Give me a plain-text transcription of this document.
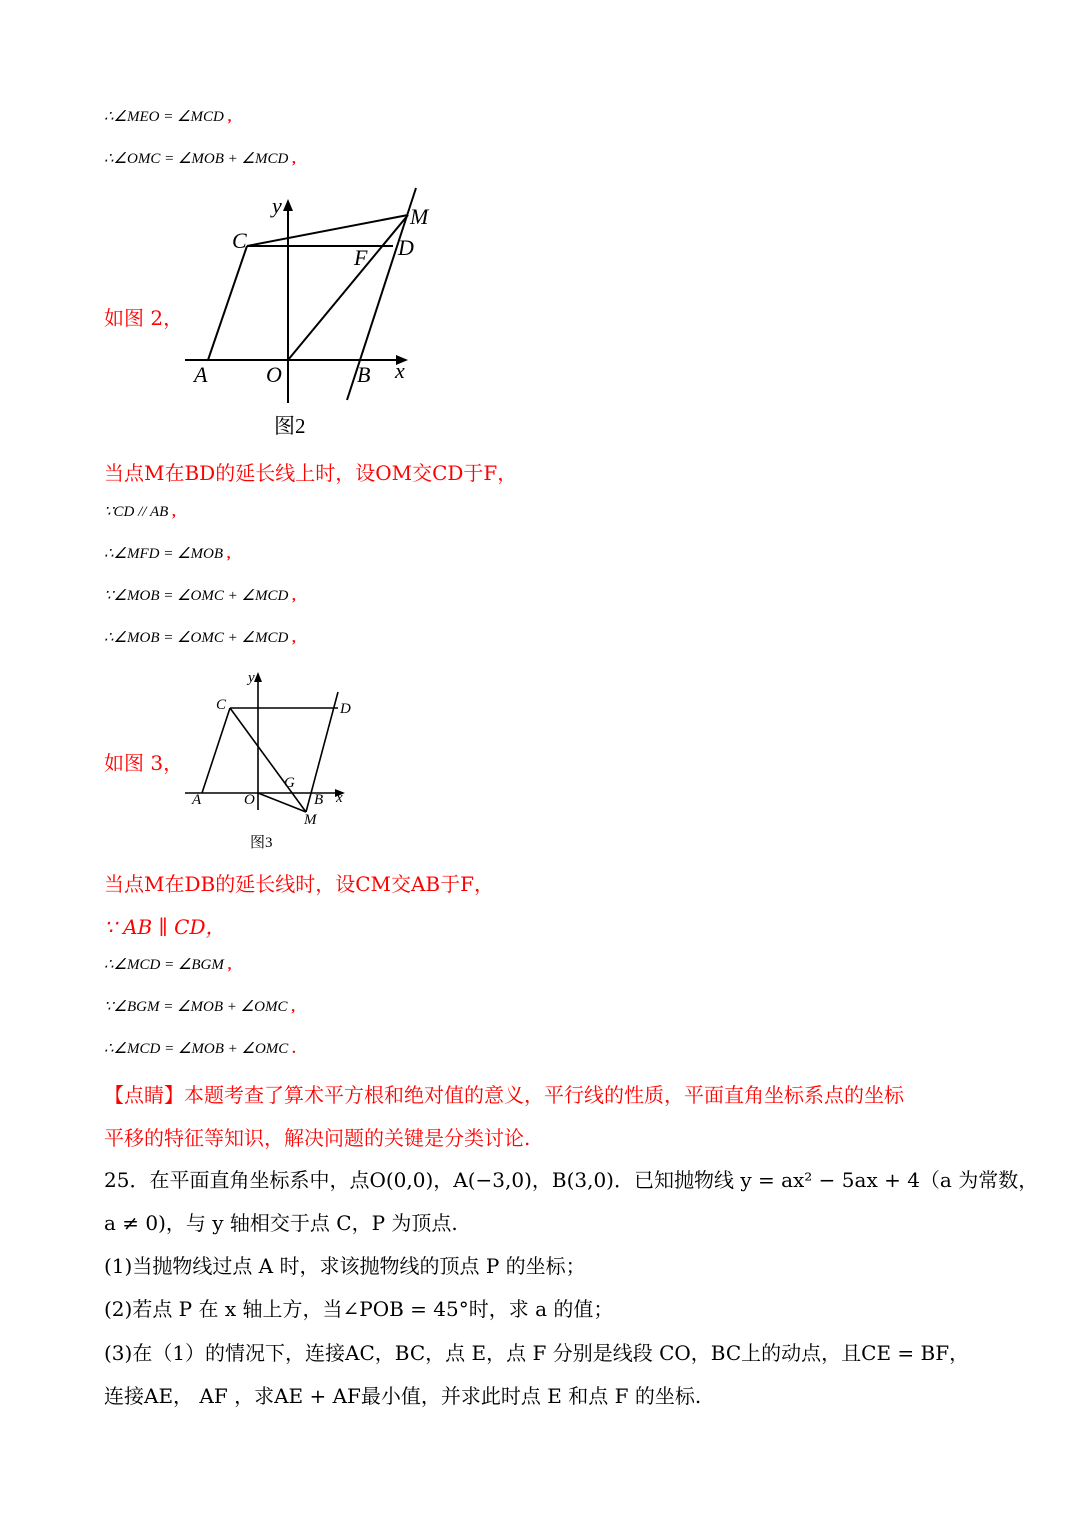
∴∠MEO = ∠MCD ,
∴∠OMC = ∠MOB + ∠MCD ,
如图 2，
y
C
M
D
F
A	O	B x
图2
当点M在BD的延长线上时，设OM交CD于F，
∵CD // AB ,
∴∠MFD = ∠MOB ,
∵∠MOB = ∠OMC + ∠MCD ,
∴∠MOB = ∠OMC + ∠MCD ,
如图 3，
y
C	D
G
A	O	B x
M
图3
当点M在DB的延长线时，设CM交AB于F，
∵ AB ∥ CD，
∴∠MCD = ∠BGM ,
∵∠BGM = ∠MOB + ∠OMC ,
∴∠MCD = ∠MOB + ∠OMC .
【点睛】本题考查了算术平方根和绝对值的意义，平行线的性质，平面直角坐标系点的坐标
平移的特征等知识，解决问题的关键是分类讨论.
25．在平面直角坐标系中，点O(0,0)，A(−3,0)，B(3,0)．已知抛物线 y = ax² − 5ax + 4（a 为常数，
a ≠ 0)，与 y 轴相交于点 C，P 为顶点.
(1)当抛物线过点 A 时，求该抛物线的顶点 P 的坐标；
(2)若点 P 在 x 轴上方，当∠POB = 45°时，求 a 的值；
(3)在（1）的情况下，连接AC，BC，点 E，点 F 分别是线段 CO，BC上的动点，且CE = BF，
连接AE， AF ，求AE + AF最小值，并求此时点 E 和点 F 的坐标.
